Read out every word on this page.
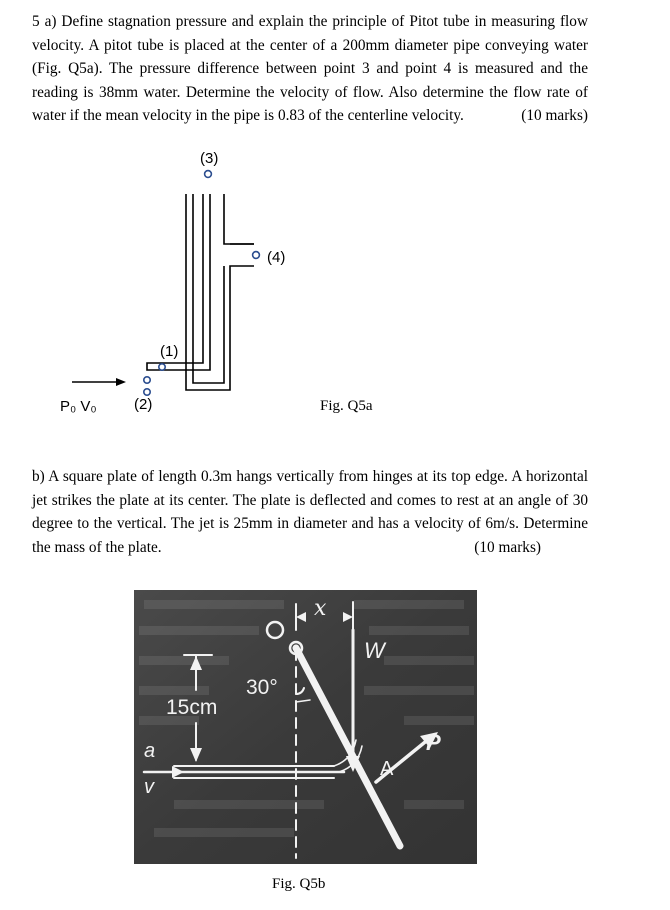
5 a) Define stagnation pressure and explain the principle of Pitot tube in measuring flow velocity. A pitot tube is placed at the center of a 200mm diameter pipe conveying water (Fig. Q5a). The pressure difference between point 3 and point 4 is measured and the reading is 38mm water. Determine the velocity of flow. Also determine the flow rate of water if the mean velocity in the pipe is 0.83 of the centerline velocity.	(10 marks)

(3)
(4)
(1)
(2)
P₀ V₀	Fig. Q5a

b) A square plate of length 0.3m hangs vertically from hinges at its top edge. A horizontal jet strikes the plate at its center. The plate is deflected and comes to rest at an angle of 30 degree to the vertical. The jet is 25mm in diameter and has a velocity of 6m/s. Determine the mass of the plate.	(10 marks)

x
W
30°
15cm
a
v
A
P
Fig. Q5b
